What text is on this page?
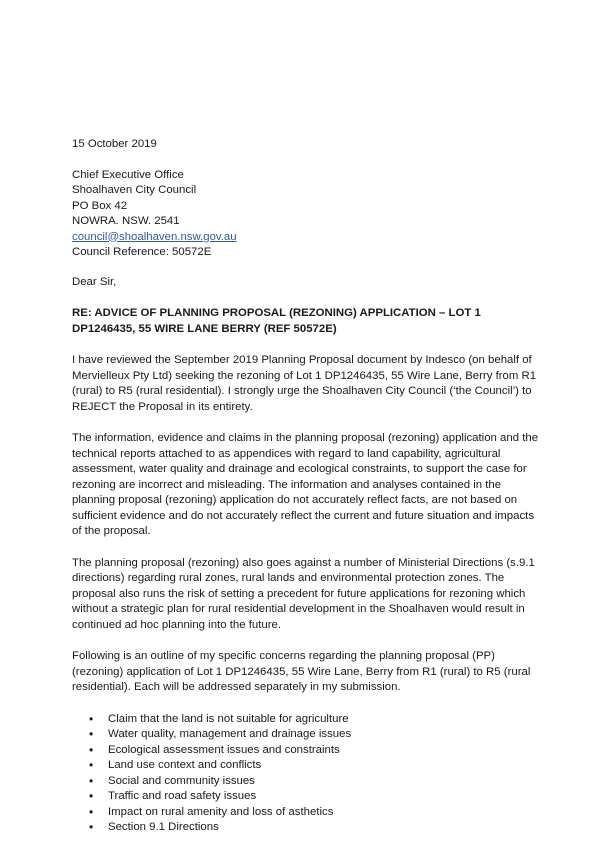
15 October 2019
Chief Executive Office
Shoalhaven City Council
PO Box 42
NOWRA. NSW. 2541
council@shoalhaven.nsw.gov.au
Council Reference: 50572E
Dear Sir,
RE: ADVICE OF PLANNING PROPOSAL (REZONING) APPLICATION – LOT 1 DP1246435, 55 WIRE LANE BERRY (REF 50572E)
I have reviewed the September 2019 Planning Proposal document by Indesco (on behalf of Mervielleux Pty Ltd) seeking the rezoning of Lot 1 DP1246435, 55 Wire Lane, Berry from R1 (rural) to R5 (rural residential). I strongly urge the Shoalhaven City Council (‘the Council’) to REJECT the Proposal in its entirety.
The information, evidence and claims in the planning proposal (rezoning) application and the technical reports attached to as appendices with regard to land capability, agricultural assessment, water quality and drainage and ecological constraints, to support the case for rezoning are incorrect and misleading. The information and analyses contained in the planning proposal (rezoning) application do not accurately reflect facts, are not based on sufficient evidence and do not accurately reflect the current and future situation and impacts of the proposal.
The planning proposal (rezoning) also goes against a number of Ministerial Directions (s.9.1 directions) regarding rural zones, rural lands and environmental protection zones. The proposal also runs the risk of setting a precedent for future applications for rezoning which without a strategic plan for rural residential development in the Shoalhaven would result in continued ad hoc planning into the future.
Following is an outline of my specific concerns regarding the planning proposal (PP) (rezoning) application of Lot 1 DP1246435, 55 Wire Lane, Berry from R1 (rural) to R5 (rural residential). Each will be addressed separately in my submission.
• Claim that the land is not suitable for agriculture
• Water quality, management and drainage issues
• Ecological assessment issues and constraints
• Land use context and conflicts
• Social and community issues
• Traffic and road safety issues
• Impact on rural amenity and loss of asthetics
• Section 9.1 Directions
